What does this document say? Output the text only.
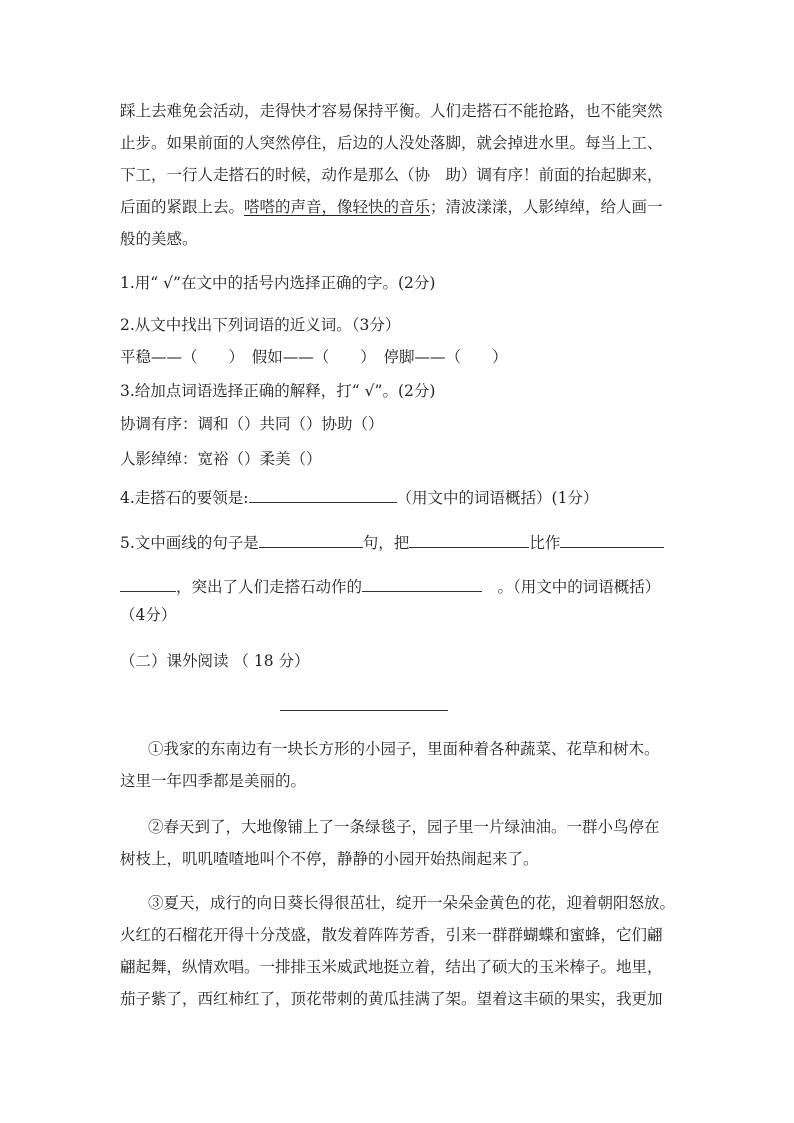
踩上去难免会活动，走得快才容易保持平衡。人们走搭石不能抢路，也不能突然
止步。如果前面的人突然停住，后边的人没处落脚，就会掉进水里。每当上工、
下工，一行人走搭石的时候，动作是那么（协　助）调有序！前面的抬起脚来，
后面的紧跟上去。嗒嗒的声音，像轻快的音乐；清波漾漾，人影绰绰，给人画一
般的美感。
1.用“ √”在文中的括号内选择正确的字。(2分)
2.从文中找出下列词语的近义词。（3分）
平稳——（　　）　假如——（　　）　停脚——（　　）
3.给加点词语选择正确的解释，打“ √”。(2分)
协调有序：调和（）共同（）协助（）
人影绰绰：宽裕（）柔美（）
4.走搭石的要领是:	（用文中的词语概括）(1分）
5.文中画线的句子是	句，把	比作
，突出了人们走搭石动作的	　。（用文中的词语概括）
（4分）
（二）课外阅读 （ 18 分）
①我家的东南边有一块长方形的小园子，里面种着各种蔬菜、花草和树木。
这里一年四季都是美丽的。
②春天到了，大地像铺上了一条绿毯子，园子里一片绿油油。一群小鸟停在
树枝上，叽叽喳喳地叫个不停，静静的小园开始热闹起来了。
③夏天，成行的向日葵长得很茁壮，绽开一朵朵金黄色的花，迎着朝阳怒放。
火红的石榴花开得十分茂盛，散发着阵阵芳香，引来一群群蝴蝶和蜜蜂，它们翩
翩起舞，纵情欢唱。一排排玉米威武地挺立着，结出了硕大的玉米棒子。地里，
茄子紫了，西红柿红了，顶花带刺的黄瓜挂满了架。望着这丰硕的果实，我更加
